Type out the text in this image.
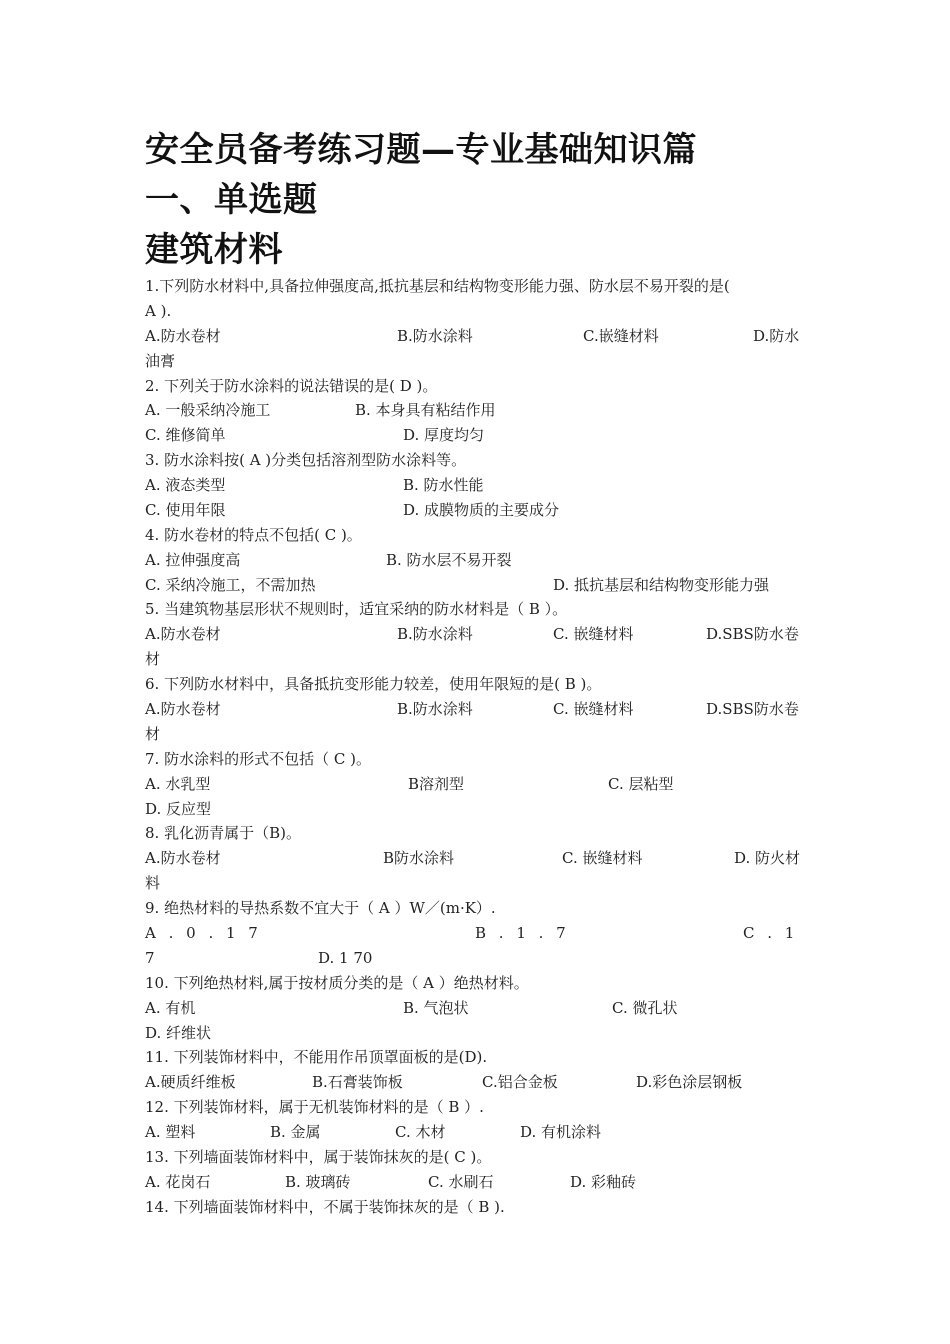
安全员备考练习题—专业基础知识篇
一、单选题
建筑材料

1.下列防水材料中,具备拉伸强度高,抵抗基层和结构物变形能力强、防水层不易开裂的是(

A ).

A.防水卷材	B.防水涂料	C.嵌缝材料	D.防水

油膏

2. 下列关于防水涂料的说法错误的是( D )。

A. 一般采纳冷施工	B. 本身具有粘结作用
C. 维修简单	D. 厚度均匀

3. 防水涂料按( A )分类包括溶剂型防水涂料等。

A. 液态类型	B. 防水性能
C. 使用年限	D. 成膜物质的主要成分

4. 防水卷材的特点不包括( C )。

A. 拉伸强度高	B. 防水层不易开裂
C. 采纳冷施工，不需加热	D. 抵抗基层和结构物变形能力强

5. 当建筑物基层形状不规则时，适宜采纳的防水材料是（ B ）。

A.防水卷材	B.防水涂料	C. 嵌缝材料	D.SBS防水卷

材

6. 下列防水材料中，具备抵抗变形能力较差，使用年限短的是( B )。

A.防水卷材	B.防水涂料	C. 嵌缝材料	D.SBS防水卷

材

7. 防水涂料的形式不包括（ C )。

A. 水乳型	B溶剂型	C. 层粘型
D. 反应型

8. 乳化沥青属于（B)。

A.防水卷材	B防水涂料	C. 嵌缝材料	D. 防火材

料

9. 绝热材料的导热系数不宜大于（ A ）W／(m·K）.

A . 0 . 1 7	B . 1 . 7	C . 1

7	D. 1 70

10. 下列绝热材料,属于按材质分类的是（ A ）绝热材料。

A. 有机	B. 气泡状	C. 微孔状
D. 纤维状

11. 下列装饰材料中，不能用作吊顶罩面板的是(D).

A.硬质纤维板	B.石膏装饰板	C.铝合金板	D.彩色涂层钢板

12. 下列装饰材料，属于无机装饰材料的是（ B ）.

A. 塑料	B. 金属	C. 木材	D. 有机涂料

13. 下列墙面装饰材料中，属于装饰抹灰的是( C )。

A. 花岗石	B. 玻璃砖	C. 水刷石	D. 彩釉砖

14. 下列墙面装饰材料中，不属于装饰抹灰的是（ B ).
